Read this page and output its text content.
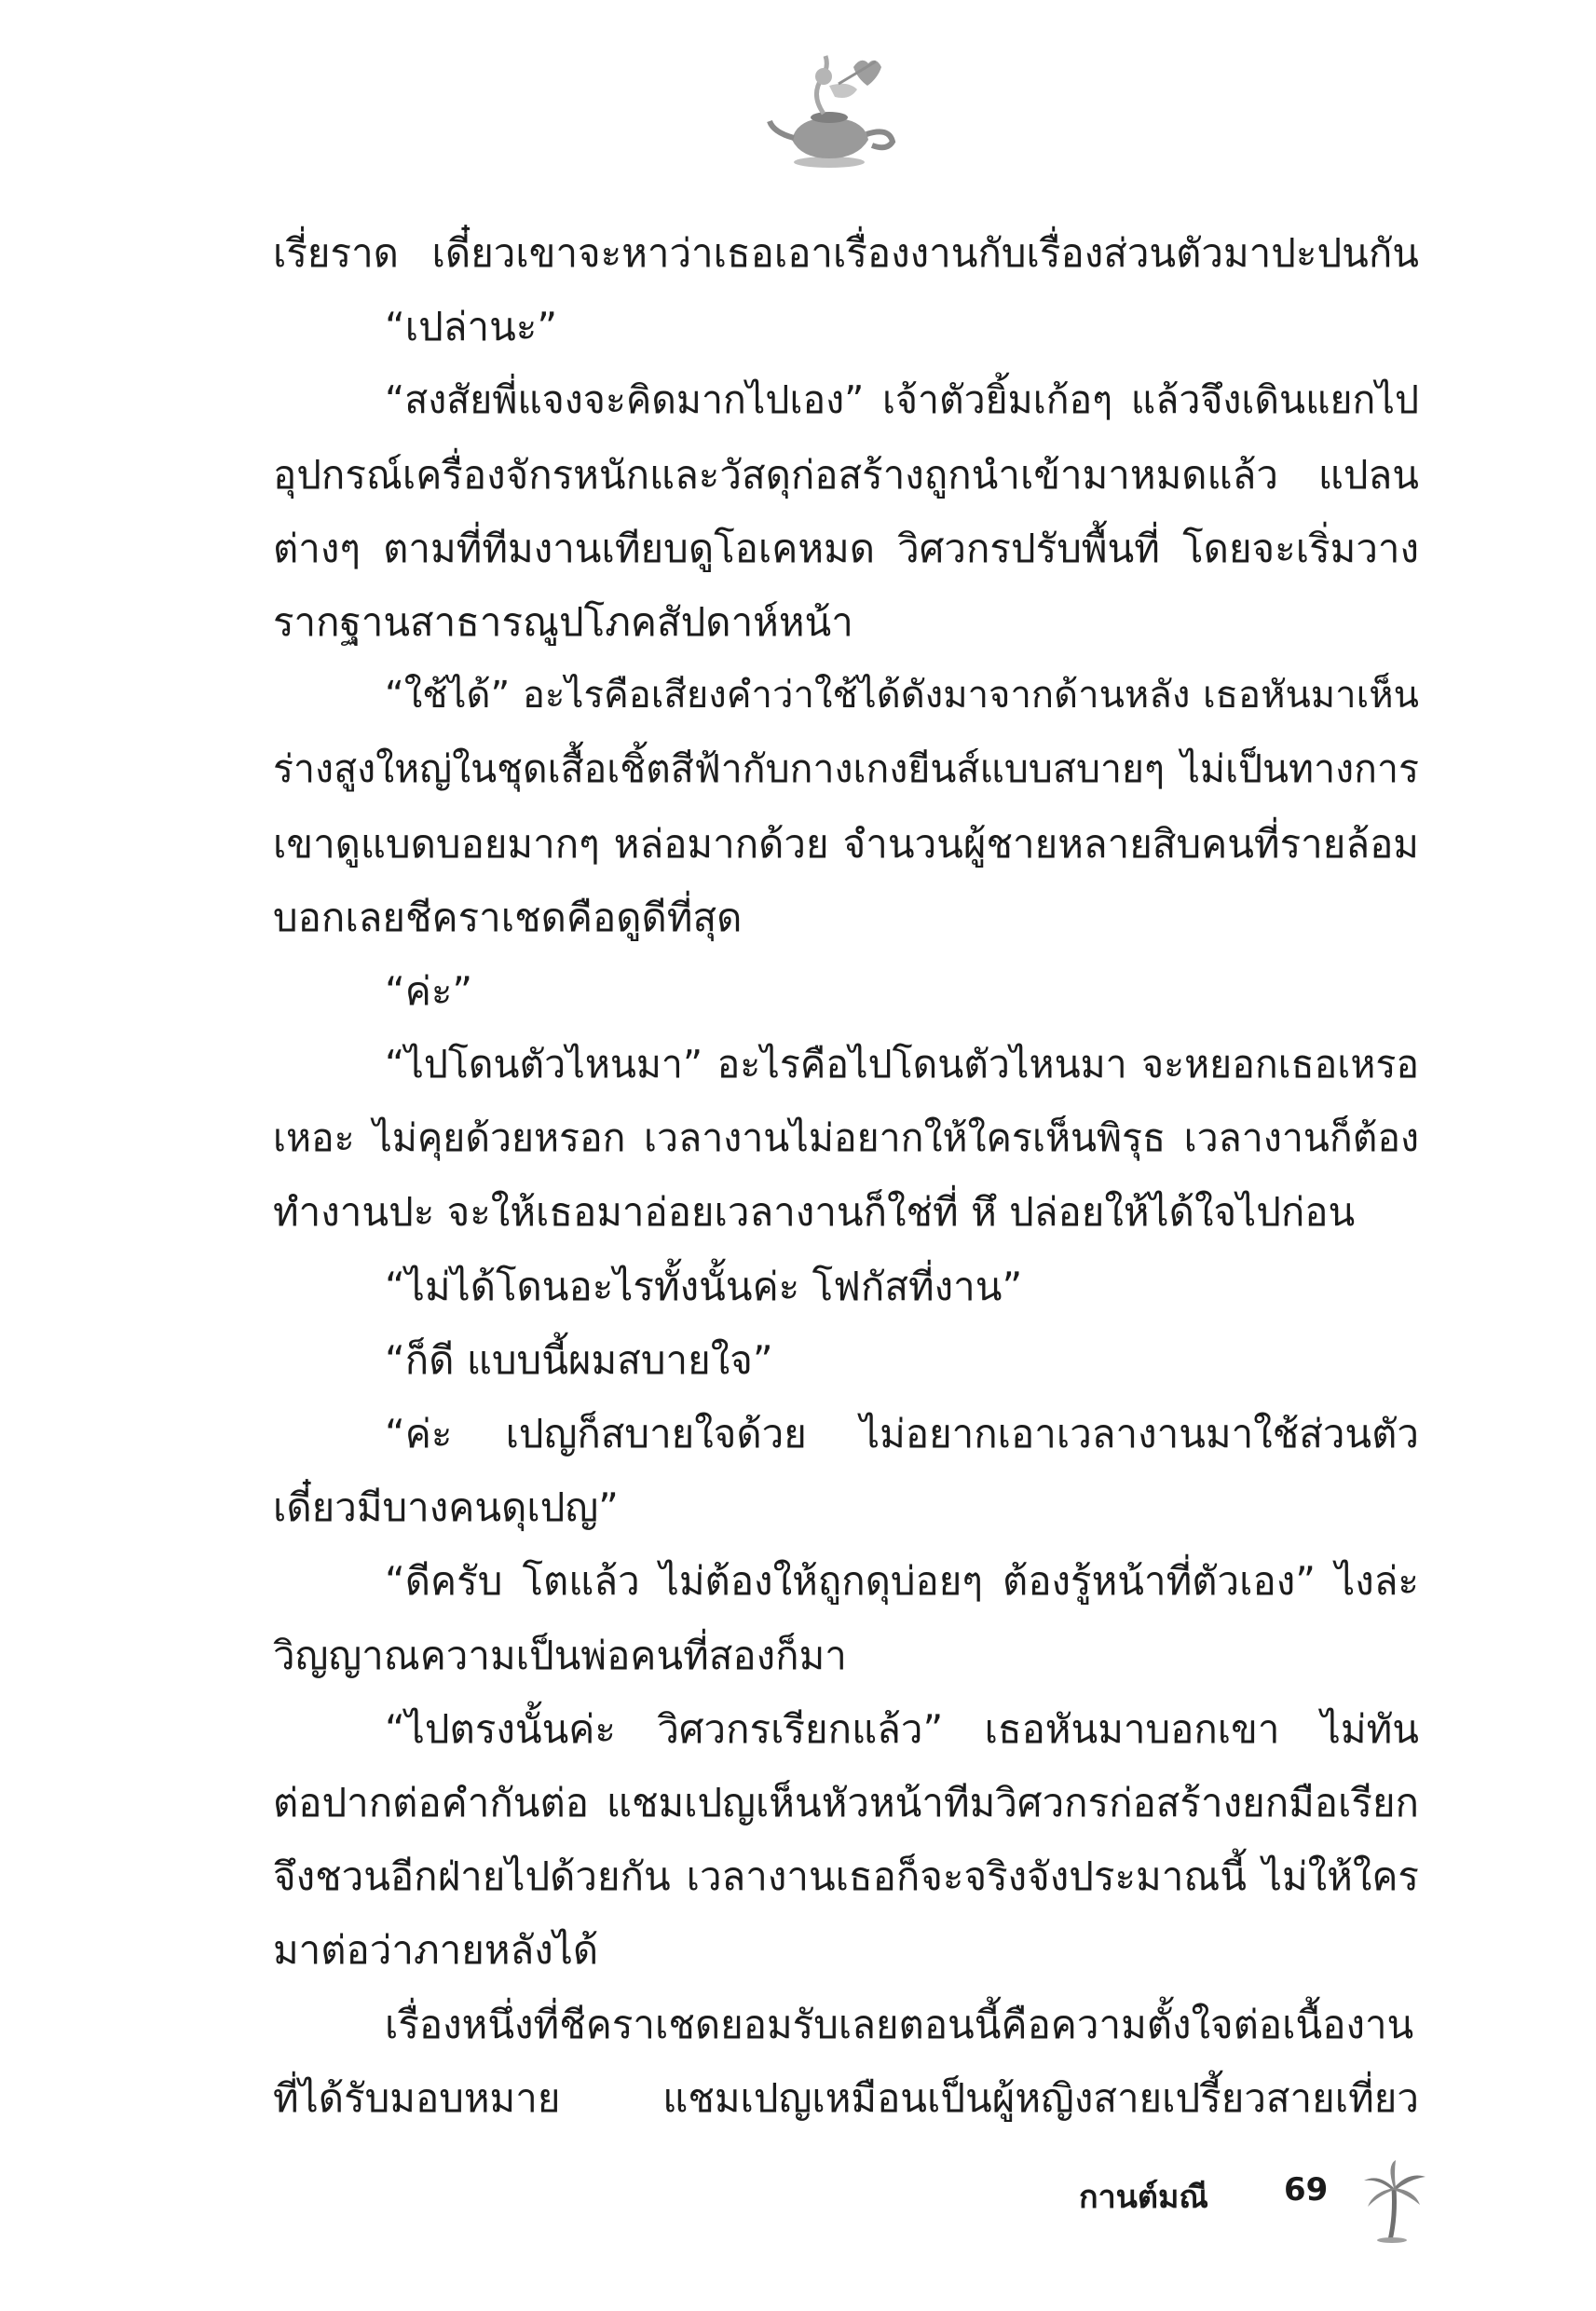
เรี่ยราด เดี๋ยวเขาจะหาว่าเธอเอาเรื่องงานกับเรื่องส่วนตัวมาปะปนกัน
“เปล่านะ”
“สงสัยพี่แจงจะคิดมากไปเอง” เจ้าตัวยิ้มเก้อๆ แล้วจึงเดินแยกไป
อุปกรณ์เครื่องจักรหนักและวัสดุก่อสร้างถูกนำเข้ามาหมดแล้ว แปลน
ต่างๆ ตามที่ทีมงานเทียบดูโอเคหมด วิศวกรปรับพื้นที่ โดยจะเริ่มวาง
รากฐานสาธารณูปโภคสัปดาห์หน้า
“ใช้ได้” อะไรคือเสียงคำว่าใช้ได้ดังมาจากด้านหลัง เธอหันมาเห็น
ร่างสูงใหญ่ในชุดเสื้อเชิ้ตสีฟ้ากับกางเกงยีนส์แบบสบายๆ ไม่เป็นทางการ
เขาดูแบดบอยมากๆ หล่อมากด้วย จำนวนผู้ชายหลายสิบคนที่รายล้อม
บอกเลยชีคราเชดคือดูดีที่สุด
“ค่ะ”
“ไปโดนตัวไหนมา” อะไรคือไปโดนตัวไหนมา จะหยอกเธอเหรอ
เหอะ ไม่คุยด้วยหรอก เวลางานไม่อยากให้ใครเห็นพิรุธ เวลางานก็ต้อง
ทำงานปะ จะให้เธอมาอ่อยเวลางานก็ใช่ที่ หึ ปล่อยให้ได้ใจไปก่อน
“ไม่ได้โดนอะไรทั้งนั้นค่ะ โฟกัสที่งาน”
“ก็ดี แบบนี้ผมสบายใจ”
“ค่ะ เปญก็สบายใจด้วย ไม่อยากเอาเวลางานมาใช้ส่วนตัว
เดี๋ยวมีบางคนดุเปญ”
“ดีครับ โตแล้ว ไม่ต้องให้ถูกดุบ่อยๆ ต้องรู้หน้าที่ตัวเอง” ไงล่ะ
วิญญาณความเป็นพ่อคนที่สองก็มา
“ไปตรงนั้นค่ะ วิศวกรเรียกแล้ว” เธอหันมาบอกเขา ไม่ทัน
ต่อปากต่อคำกันต่อ แชมเปญเห็นหัวหน้าทีมวิศวกรก่อสร้างยกมือเรียก
จึงชวนอีกฝ่ายไปด้วยกัน เวลางานเธอก็จะจริงจังประมาณนี้ ไม่ให้ใคร
มาต่อว่าภายหลังได้
เรื่องหนึ่งที่ชีคราเชดยอมรับเลยตอนนี้คือความตั้งใจต่อเนื้องาน
ที่ได้รับมอบหมาย แชมเปญเหมือนเป็นผู้หญิงสายเปรี้ยวสายเที่ยว
กานต์มณี 69
